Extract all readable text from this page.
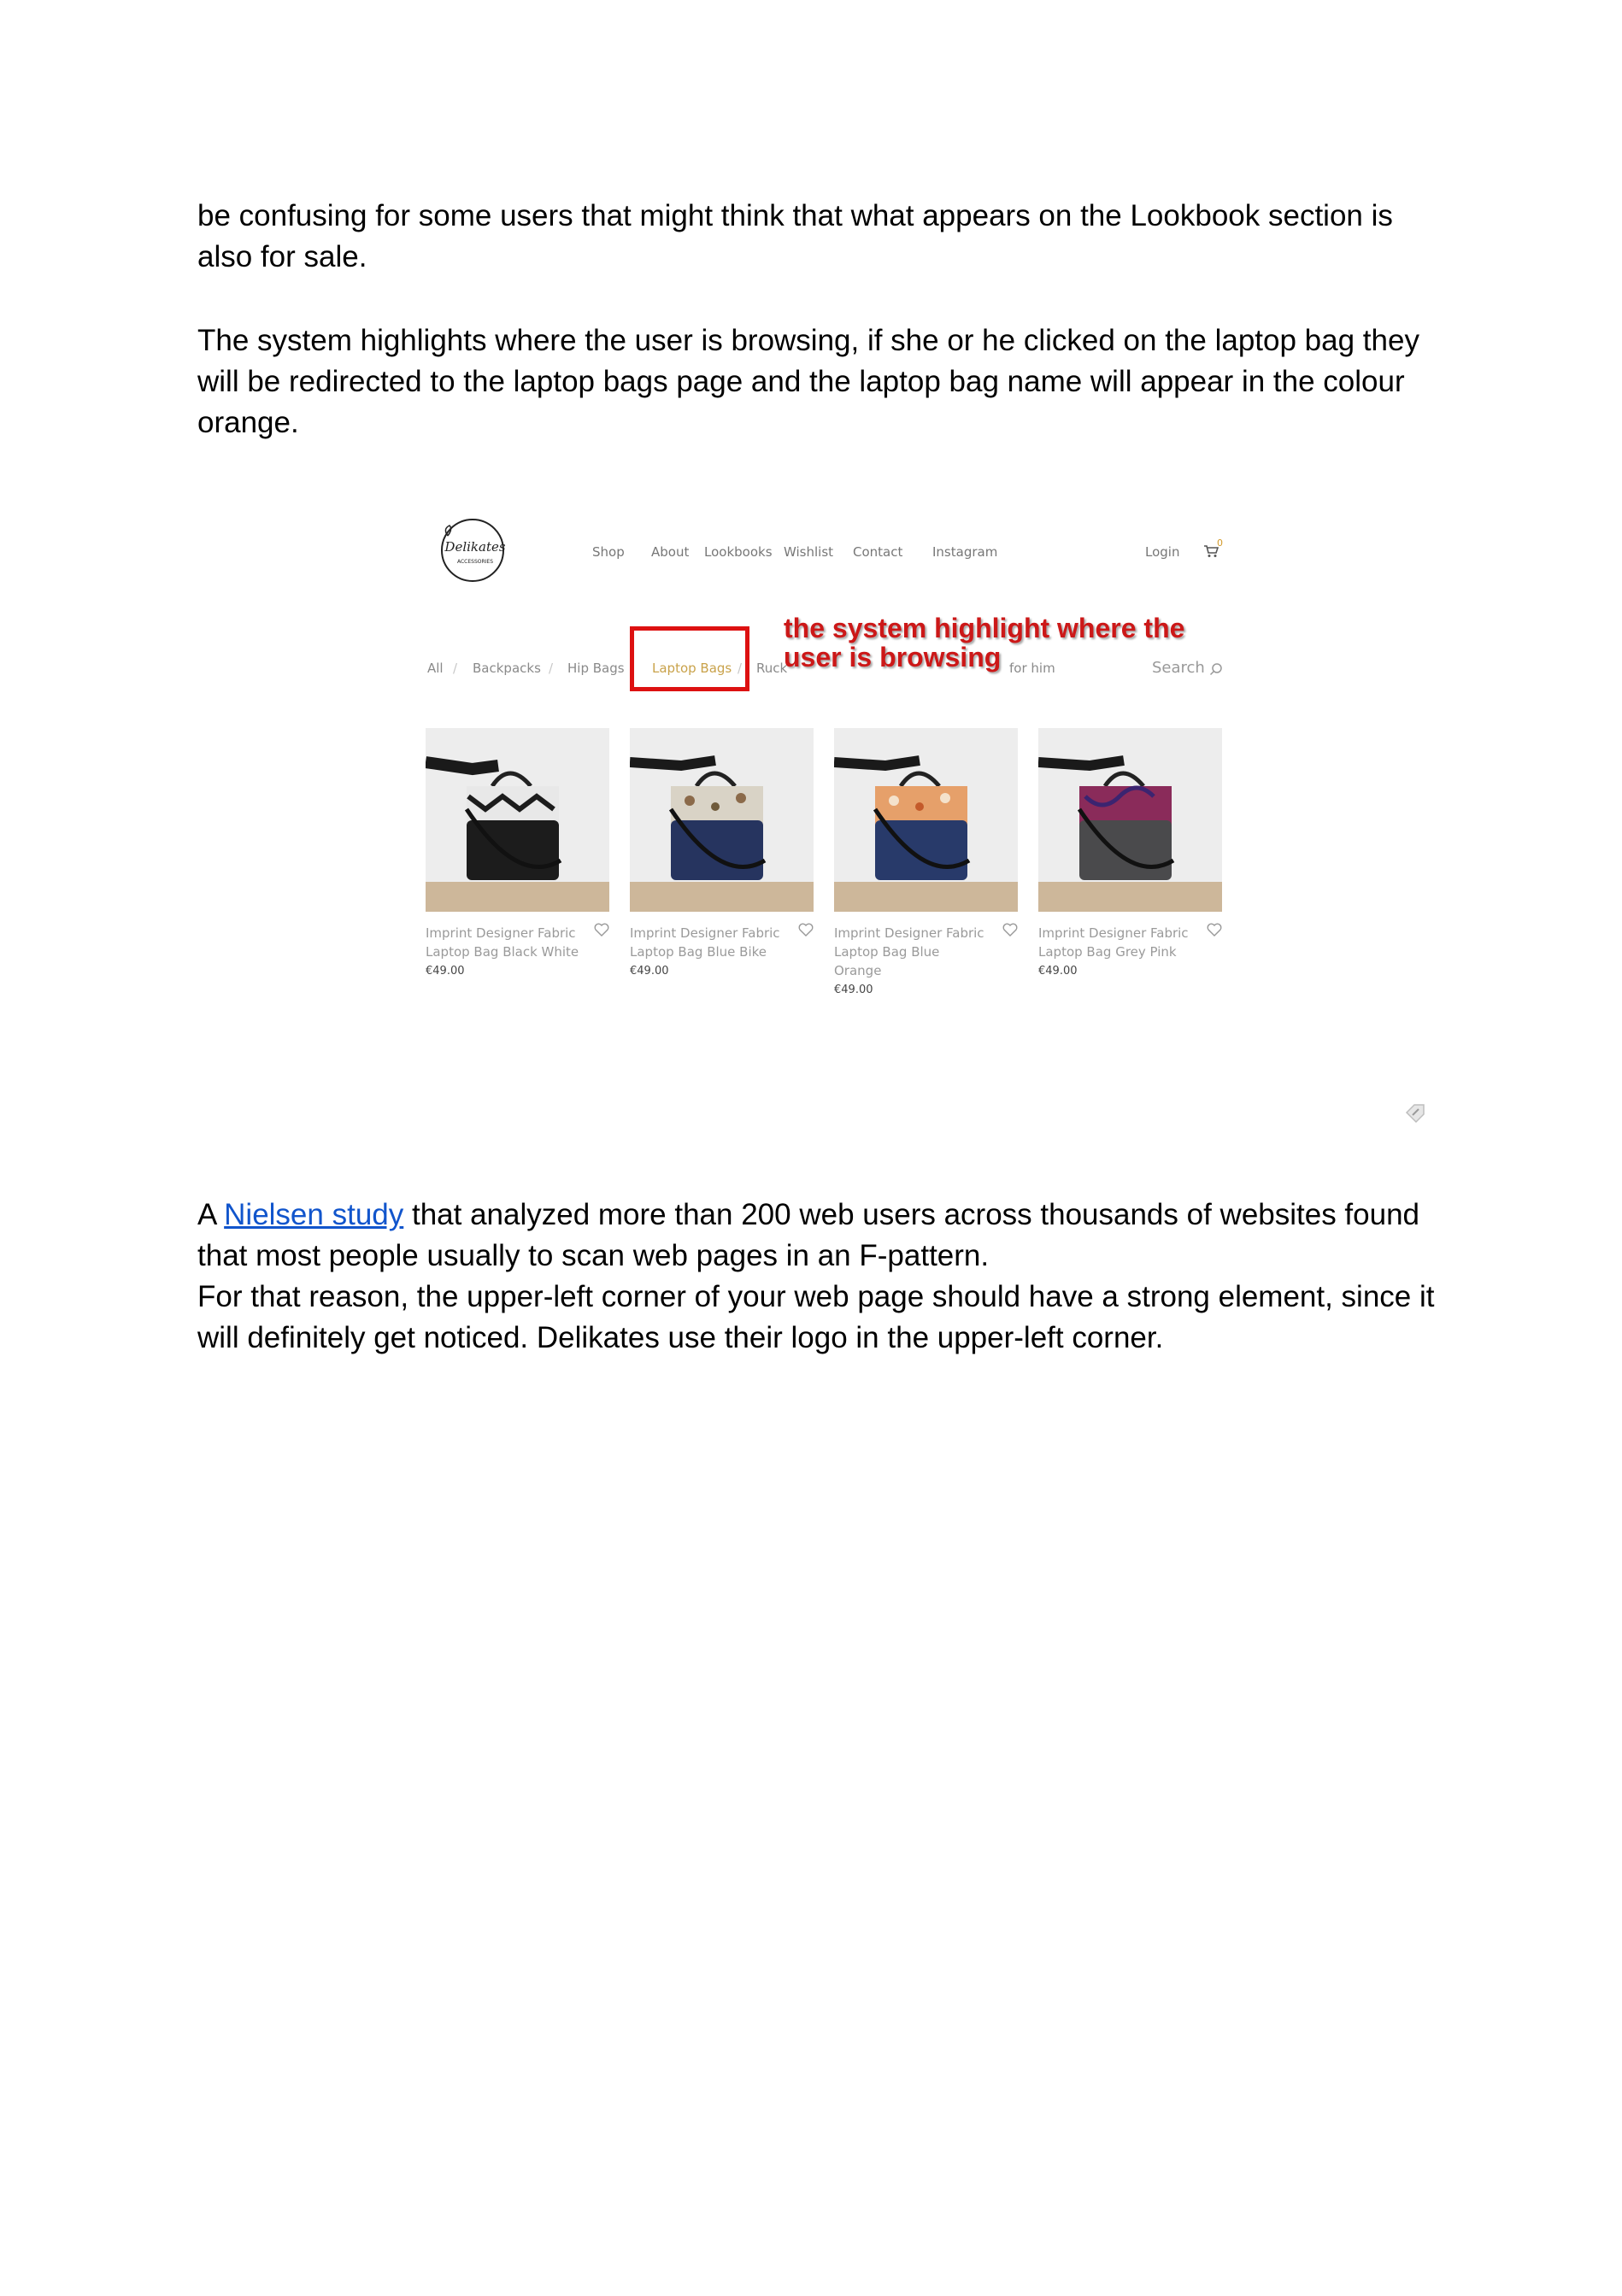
be confusing for some users that might think that what appears on the Lookbook section is also for sale.

The system highlights where the user is browsing, if she or he clicked on the laptop bag they will be redirected to the laptop bags page and the laptop bag name will appear in the colour orange.

Delikates
ACCESSORIES
Shop About Lookbooks Wishlist Contact Instagram	Login
0
All / Backpacks / Hip Bags / Laptop Bags / Ruck	for him	Search
the system highlight where the user is browsing
Imprint Designer Fabric Laptop Bag Black White
€49.00
Imprint Designer Fabric Laptop Bag Blue Bike
€49.00
Imprint Designer Fabric Laptop Bag Blue Orange
€49.00
Imprint Designer Fabric Laptop Bag Grey Pink
€49.00

A Nielsen study that analyzed more than 200 web users across thousands of websites found that most people usually to scan web pages in an F-pattern.

For that reason, the upper-left corner of your web page should have a strong element, since it will definitely get noticed. Delikates use their logo in the upper-left corner.
